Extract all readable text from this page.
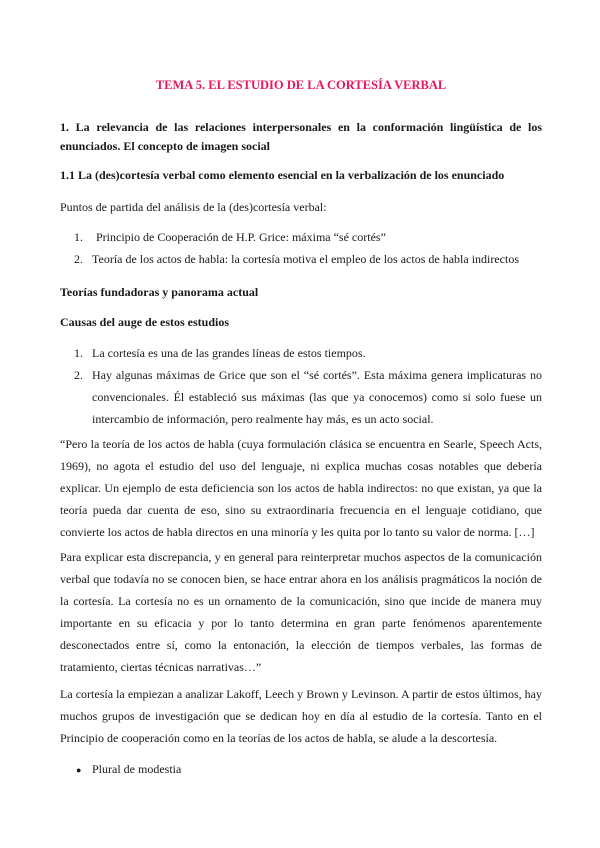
TEMA 5. EL ESTUDIO DE LA CORTESÍA VERBAL
1. La relevancia de las relaciones interpersonales en la conformación lingüística de los enunciados. El concepto de imagen social
1.1 La (des)cortesía verbal como elemento esencial en la verbalización de los enunciado
Puntos de partida del análisis de la (des)cortesía verbal:
1. Principio de Cooperación de H.P. Grice: máxima “sé cortés”
2. Teoría de los actos de habla: la cortesía motiva el empleo de los actos de habla indirectos
Teorías fundadoras y panorama actual
Causas del auge de estos estudios
1. La cortesía es una de las grandes líneas de estos tiempos.
2. Hay algunas máximas de Grice que son el “sé cortés”. Esta máxima genera implicaturas no convencionales. Él estableció sus máximas (las que ya conocemos) como si solo fuese un intercambio de información, pero realmente hay más, es un acto social.
“Pero la teoría de los actos de habla (cuya formulación clásica se encuentra en Searle, Speech Acts, 1969), no agota el estudio del uso del lenguaje, ni explica muchas cosas notables que debería explicar. Un ejemplo de esta deficiencia son los actos de habla indirectos: no que existan, ya que la teoría pueda dar cuenta de eso, sino su extraordinaria frecuencia en el lenguaje cotidiano, que convierte los actos de habla directos en una minoría y les quita por lo tanto su valor de norma. […]
Para explicar esta discrepancia, y en general para reinterpretar muchos aspectos de la comunicación verbal que todavía no se conocen bien, se hace entrar ahora en los análisis pragmáticos la noción de la cortesía. La cortesía no es un ornamento de la comunicación, sino que incide de manera muy importante en su eficacia y por lo tanto determina en gran parte fenómenos aparentemente desconectados entre sí, como la entonación, la elección de tiempos verbales, las formas de tratamiento, ciertas técnicas narrativas…”
La cortesía la empiezan a analizar Lakoff, Leech y Brown y Levinson. A partir de estos últimos, hay muchos grupos de investigación que se dedican hoy en día al estudio de la cortesía. Tanto en el Principio de cooperación como en la teorías de los actos de habla, se alude a la descortesía.
● Plural de modestia
